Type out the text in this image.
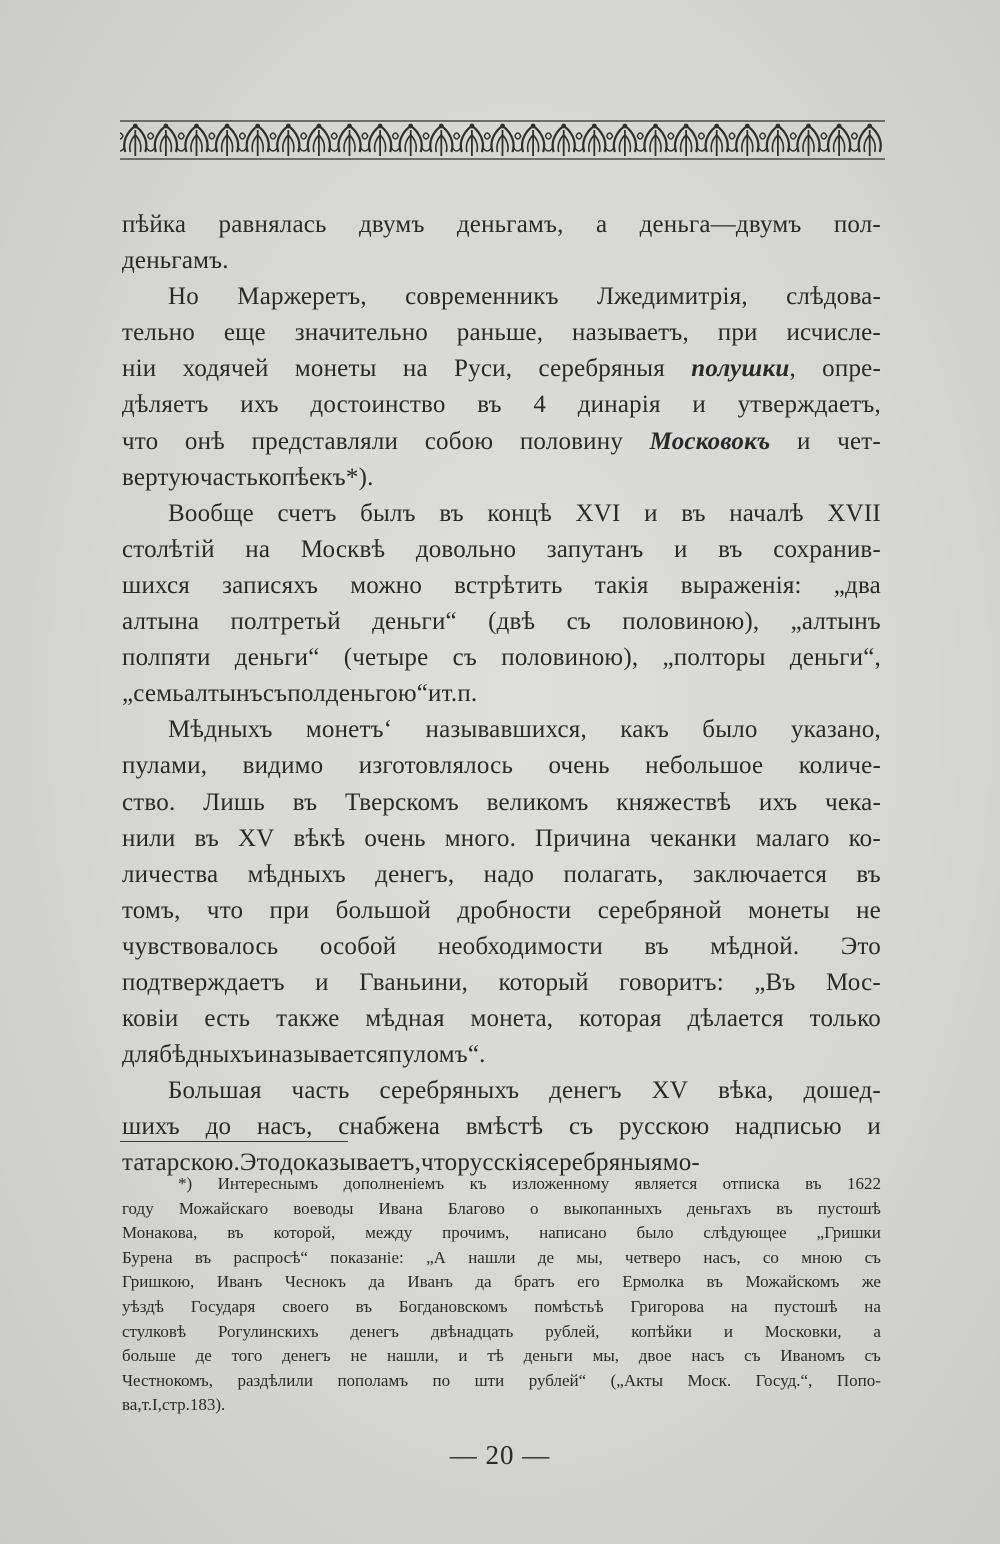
пѣйка равнялась двумъ деньгамъ, а деньга—двумъ пол-
деньгамъ.
Но Маржеретъ, современникъ Лжедимитрія, слѣдова-
тельно еще значительно раньше, называетъ, при исчисле-
ніи ходячей монеты на Руси, серебряныя полушки, опре-
дѣляетъ ихъ достоинство въ 4 динарія и утверждаетъ,
что онѣ представляли собою половину Московокъ и чет-
вертую часть копѣекъ *).
Вообще счетъ былъ въ концѣ XVI и въ началѣ XVII
столѣтій на Москвѣ довольно запутанъ и въ сохранив-
шихся записяхъ можно встрѣтить такія выраженія: „два
алтына полтретьй деньги“ (двѣ съ половиною), „алтынъ
полпяти деньги“ (четыре съ половиною), „полторы деньги“,
„семь алтынъ съ полденьгою“ и т. п.
Мѣдныхъ монетъ‘ называвшихся, какъ было указано,
пулами, видимо изготовлялось очень небольшое количе-
ство. Лишь въ Тверскомъ великомъ княжествѣ ихъ чека-
нили въ XV вѣкѣ очень много. Причина чеканки малаго ко-
личества мѣдныхъ денегъ, надо полагать, заключается въ
томъ, что при большой дробности серебряной монеты не
чувствовалось особой необходимости въ мѣдной. Это
подтверждаетъ и Гваньини, который говоритъ: „Въ Мос-
ковіи есть также мѣдная монета, которая дѣлается только
для бѣдныхъ и называется пуломъ“.
Большая часть серебряныхъ денегъ XV вѣка, дошед-
шихъ до насъ, снабжена вмѣстѣ съ русскою надписью и
татарскою. Это доказываетъ, что русскія серебряныя мо-
*) Интереснымъ дополненіемъ къ изложенному является отписка въ 1622
году Можайскаго воеводы Ивана Благово о выкопанныхъ деньгахъ въ пустошѣ
Монакова, въ которой, между прочимъ, написано было слѣдующее „Гришки
Бурена въ распросѣ“ показаніе: „А нашли де мы, четверо насъ, со мною съ
Гришкою, Иванъ Чеснокъ да Иванъ да братъ его Ермолка въ Можайскомъ же
уѣздѣ Государя своего въ Богдановскомъ помѣстьѣ Григорова на пустошѣ на
стулковѣ Рогулинскихъ денегъ двѣнадцать рублей, копѣйки и Московки, а
больше де того денегъ не нашли, и тѣ деньги мы, двое насъ съ Иваномъ съ
Честнокомъ, раздѣлили пополамъ по шти рублей“ („Акты Моск. Госуд.“, Попо-
ва, т. I, стр. 183).
— 20 —
